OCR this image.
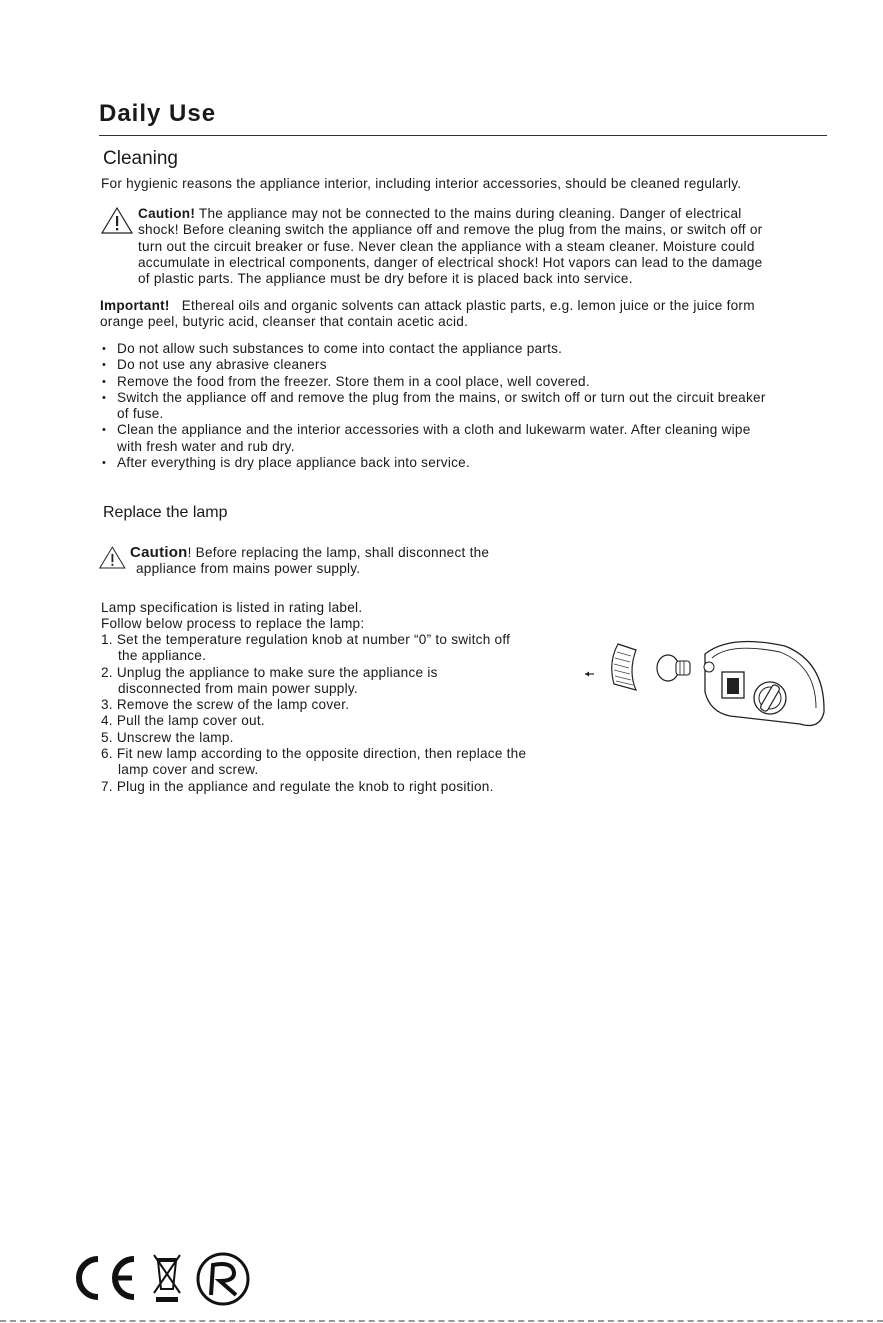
Daily Use
Cleaning
For hygienic reasons the appliance interior, including interior accessories, should be cleaned regularly.
Caution! The appliance may not be connected to the mains during cleaning. Danger of electrical
shock! Before cleaning switch the appliance off and remove the plug from the mains, or switch off or
turn out the circuit breaker or fuse. Never clean the appliance with a steam cleaner. Moisture could
accumulate in electrical components, danger of electrical shock! Hot vapors can lead to the damage
of plastic parts. The appliance must be dry before it is placed back into service.
Important! Ethereal oils and organic solvents can attack plastic parts, e.g. lemon juice or the juice form
orange peel, butyric acid, cleanser that contain acetic acid.
• Do not allow such substances to come into contact the appliance parts.
• Do not use any abrasive cleaners
• Remove the food from the freezer. Store them in a cool place, well covered.
• Switch the appliance off and remove the plug from the mains, or switch off or turn out the circuit breaker
of fuse.
• Clean the appliance and the interior accessories with a cloth and lukewarm water. After cleaning wipe
with fresh water and rub dry.
• After everything is dry place appliance back into service.
Replace the lamp
Caution! Before replacing the lamp, shall disconnect the
appliance from mains power supply.
Lamp specification is listed in rating label.
Follow below process to replace the lamp:
1. Set the temperature regulation knob at number “0” to switch off
the appliance.
2. Unplug the appliance to make sure the appliance is
disconnected from main power supply.
3. Remove the screw of the lamp cover.
4. Pull the lamp cover out.
5. Unscrew the lamp.
6. Fit new lamp according to the opposite direction, then replace the
lamp cover and screw.
7. Plug in the appliance and regulate the knob to right position.
